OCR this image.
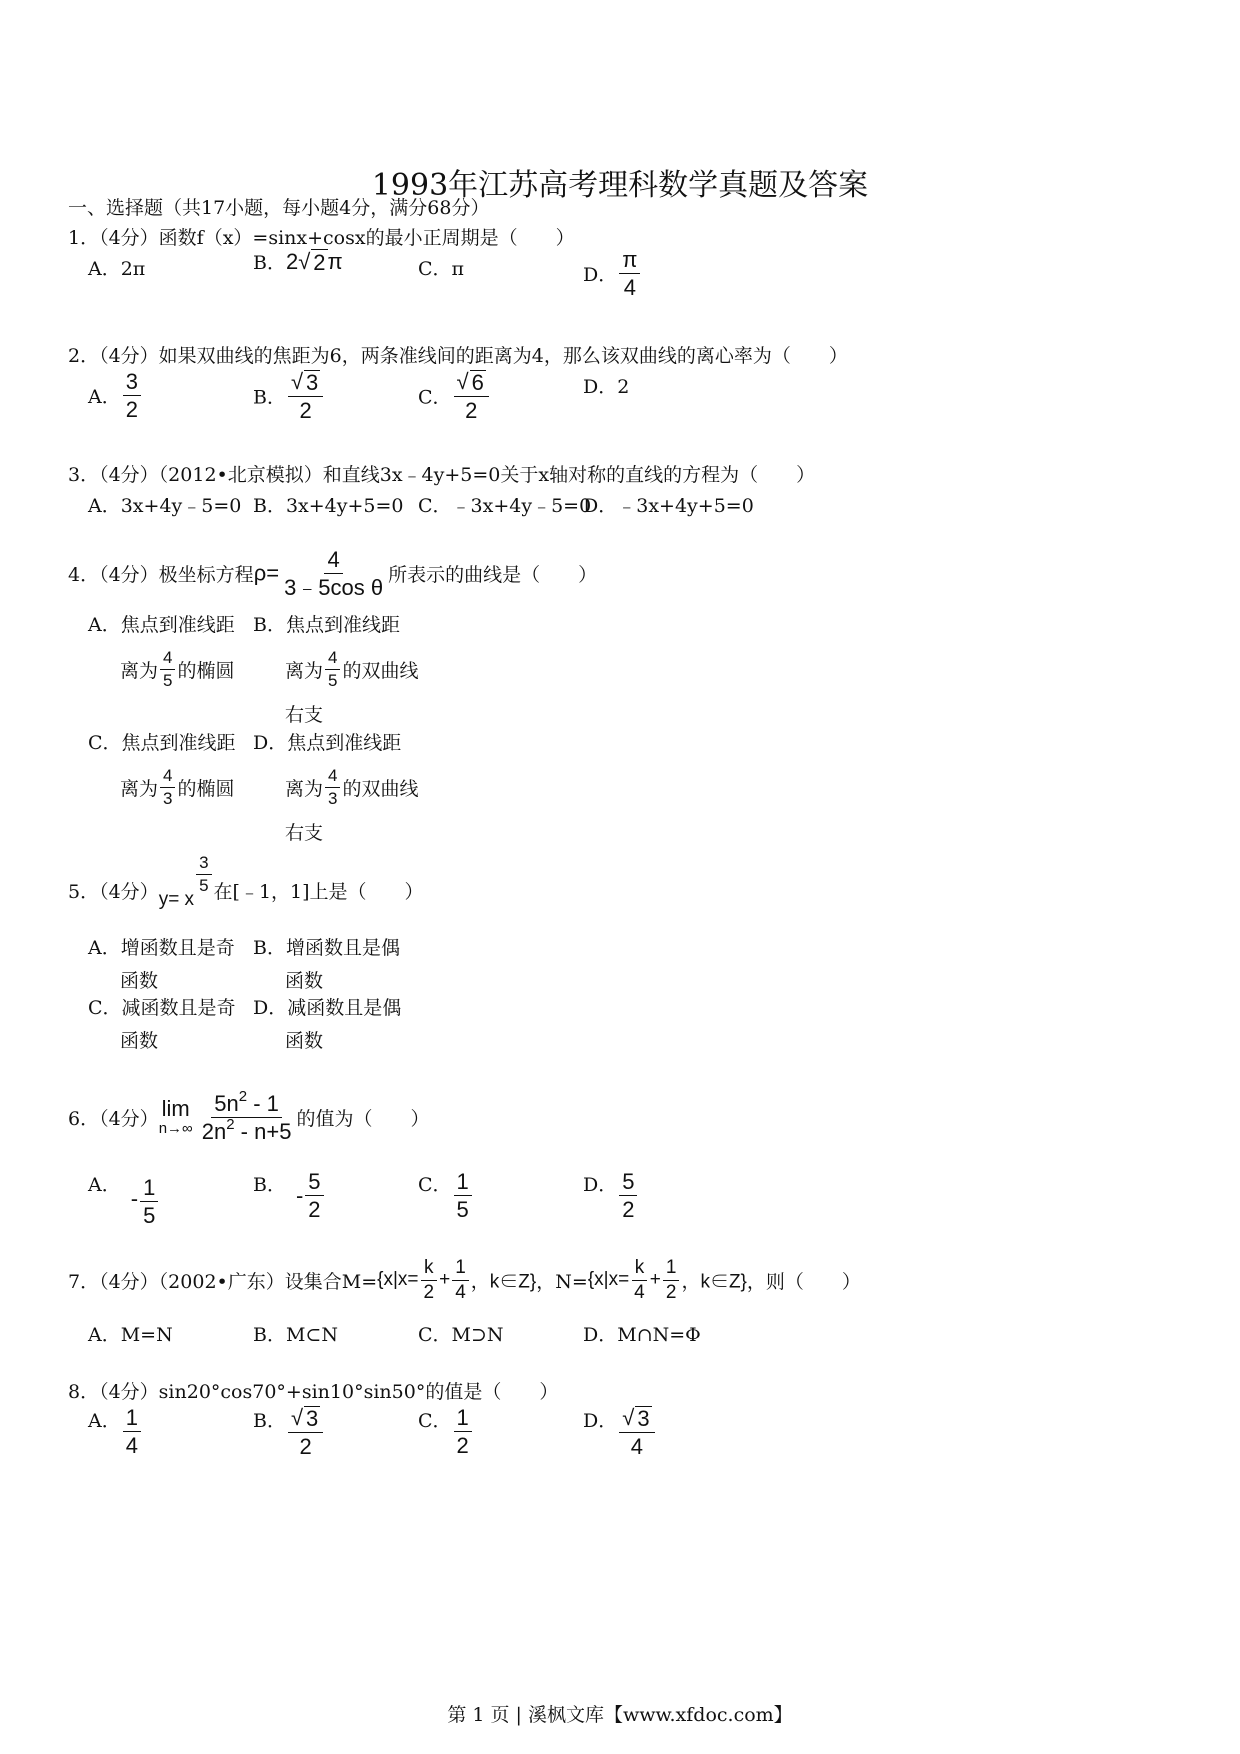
1993年江苏高考理科数学真题及答案
一、选择题（共17小题，每小题4分，满分68分）
1．（4分）函数f（x）=sinx+cosx的最小正周期是（　　）
A．2π	B．2 √ 2 π	C．π	D． $\frac{\pi}{4}$
2．（4分）如果双曲线的焦距为6，两条准线间的距离为4，那么该双曲线的离心率为（　　）
A． $\frac{3}{2}$	B． $\frac{√ 3}{2}$	C． $\frac{√ 6}{2}$	D．2
3．（4分）（2012•北京模拟）和直线3x﹣4y+5=0关于x轴对称的直线的方程为（　　）
A．3x+4y﹣5=0 B．3x+4y+5=0 C．﹣3x+4y﹣5=0
D．﹣3x+4y+5=0
4．（4分）极坐标方程$\rho= \frac{4}{\text{3﹣5cos θ}}$ 所表示的曲线是（　　）
A．焦点到准线距
离为 $\frac{4}{5}$ 的椭圆
B．焦点到准线距
离为 $\frac{4}{5}$ 的双曲线
右支
C．焦点到准线距
离为 $\frac{4}{3}$ 的椭圆
D．焦点到准线距
离为 $\frac{4}{3}$ 的双曲线
右支
5．（4分） y= x
$\frac{3}{5}$ 在[﹣1，1]上是（　　）
A．增函数且是奇
函数
B．增函数且是偶
函数
C．减函数且是奇
函数
D．减函数且是偶
函数
6．（4分） lim
$n\to\infty \frac{5n^2 - 1}{2n^2 - n+5}$ 的值为（　　）
A．- $\frac{1}{5}$	B． - $\frac{5}{2}$	C． $\frac{1}{5}$	D． $\frac{5}{2}$
7．（4分）（2002•广东）设集合$M=\{x|x= \frac{k}{2} + \frac{1}{4}$ ，k∈Z}，$N=\{x|x= \frac{k}{4} + \frac{1}{2}$ ，k∈Z}，则（　　）
A．M=N	B．M⊂N	C．M⊃N	D．M∩N=Φ
8．（4分）sin20°cos70°+sin10°sin50°的值是（　　）
A． $\frac{1}{4}$	B． $\frac{√ 3}{2}$	C． $\frac{1}{2}$	D． $\frac{√ 3}{4}$
第 1 页 | 溪枫文库【www.xfdoc.com】
